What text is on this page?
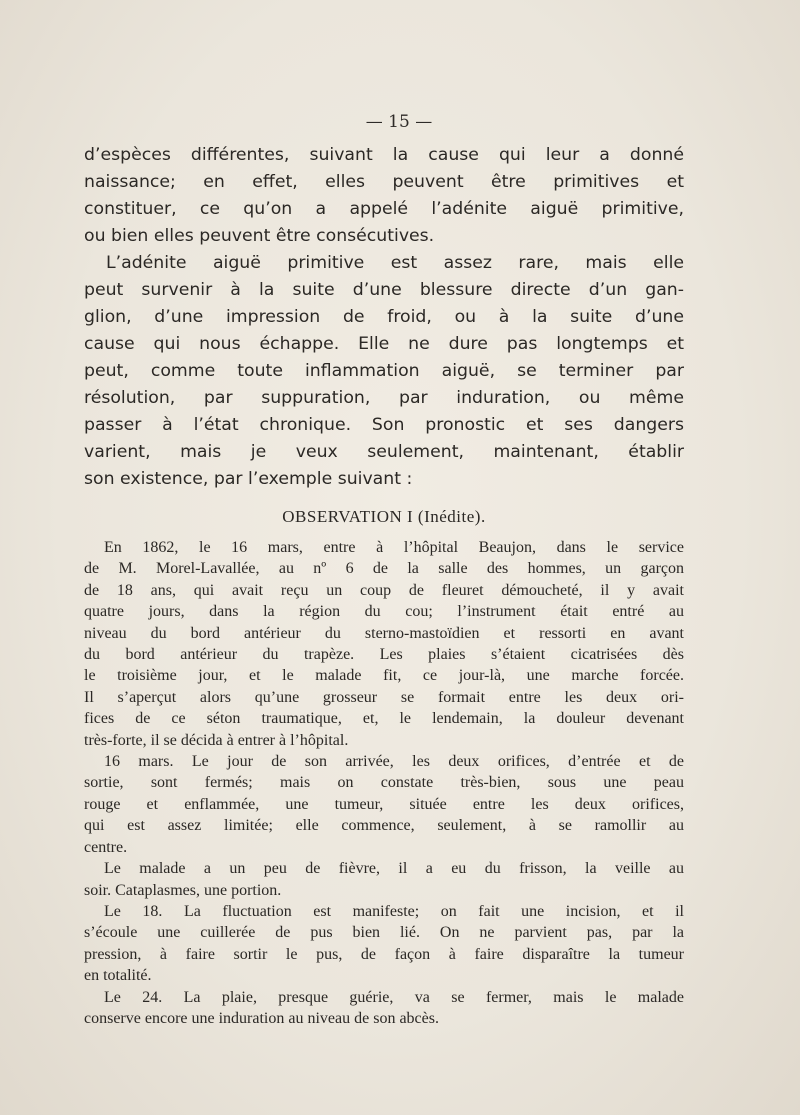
— 15 —

d’espèces différentes, suivant la cause qui leur a donné

naissance; en effet, elles peuvent être primitives et

constituer, ce qu’on a appelé l’adénite aiguë primitive,

ou bien elles peuvent être consécutives.

L’adénite aiguë primitive est assez rare, mais elle

peut survenir à la suite d’une blessure directe d’un gan-

glion, d’une impression de froid, ou à la suite d’une

cause qui nous échappe. Elle ne dure pas longtemps et

peut, comme toute inflammation aiguë, se terminer par

résolution, par suppuration, par induration, ou même

passer à l’état chronique. Son pronostic et ses dangers

varient, mais je veux seulement, maintenant, établir

son existence, par l’exemple suivant :

OBSERVATION I (Inédite).

En 1862, le 16 mars, entre à l’hôpital Beaujon, dans le service

de M. Morel-Lavallée, au nº 6 de la salle des hommes, un garçon

de 18 ans, qui avait reçu un coup de fleuret démoucheté, il y avait

quatre jours, dans la région du cou; l’instrument était entré au

niveau du bord antérieur du sterno-mastoïdien et ressorti en avant

du bord antérieur du trapèze. Les plaies s’étaient cicatrisées dès

le troisième jour, et le malade fit, ce jour-là, une marche forcée.

Il s’aperçut alors qu’une grosseur se formait entre les deux ori-

fices de ce séton traumatique, et, le lendemain, la douleur devenant

très-forte, il se décida à entrer à l’hôpital.

16 mars. Le jour de son arrivée, les deux orifices, d’entrée et de

sortie, sont fermés; mais on constate très-bien, sous une peau

rouge et enflammée, une tumeur, située entre les deux orifices,

qui est assez limitée; elle commence, seulement, à se ramollir au

centre.

Le malade a un peu de fièvre, il a eu du frisson, la veille au

soir. Cataplasmes, une portion.

Le 18. La fluctuation est manifeste; on fait une incision, et il

s’écoule une cuillerée de pus bien lié. On ne parvient pas, par la

pression, à faire sortir le pus, de façon à faire disparaître la tumeur

en totalité.

Le 24. La plaie, presque guérie, va se fermer, mais le malade

conserve encore une induration au niveau de son abcès.
